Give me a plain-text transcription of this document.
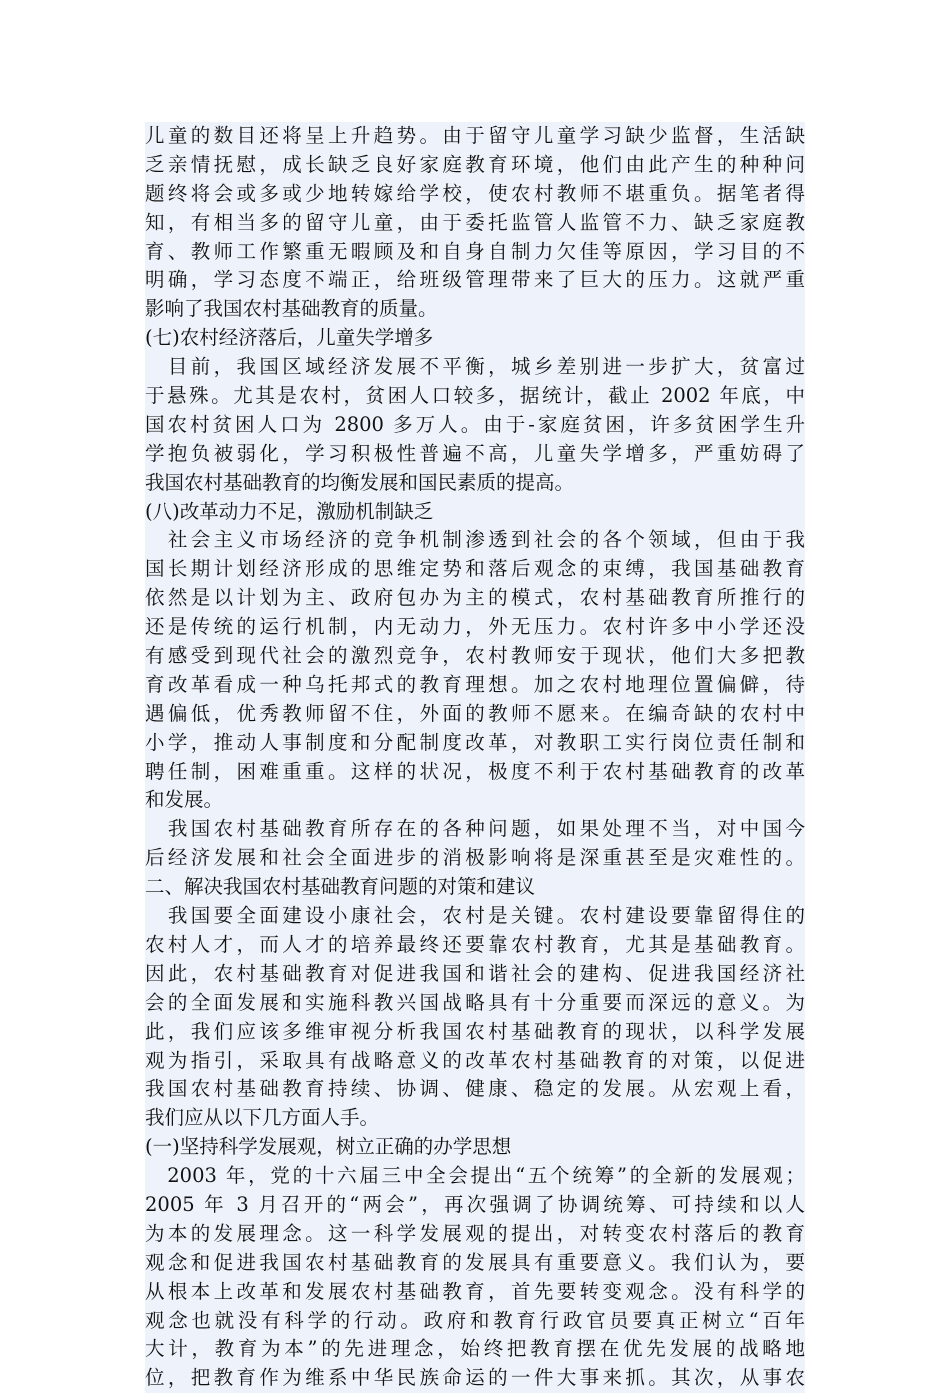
儿童的数目还将呈上升趋势。由于留守儿童学习缺少监督，生活缺
乏亲情抚慰，成长缺乏良好家庭教育环境，他们由此产生的种种问
题终将会或多或少地转嫁给学校，使农村教师不堪重负。据笔者得
知，有相当多的留守儿童，由于委托监管人监管不力、缺乏家庭教
育、教师工作繁重无暇顾及和自身自制力欠佳等原因，学习目的不
明确，学习态度不端正，给班级管理带来了巨大的压力。这就严重
影响了我国农村基础教育的质量。
(七)农村经济落后，儿童失学增多
　目前，我国区域经济发展不平衡，城乡差别进一步扩大，贫富过
于悬殊。尤其是农村，贫困人口较多，据统计，截止 2002 年底，中
国农村贫困人口为 2800 多万人。由于-家庭贫困，许多贫困学生升
学抱负被弱化，学习积极性普遍不高，儿童失学增多，严重妨碍了
我国农村基础教育的均衡发展和国民素质的提高。
(八)改革动力不足，激励机制缺乏
　社会主义市场经济的竞争机制渗透到社会的各个领域，但由于我
国长期计划经济形成的思维定势和落后观念的束缚，我国基础教育
依然是以计划为主、政府包办为主的模式，农村基础教育所推行的
还是传统的运行机制，内无动力，外无压力。农村许多中小学还没
有感受到现代社会的激烈竞争，农村教师安于现状，他们大多把教
育改革看成一种乌托邦式的教育理想。加之农村地理位置偏僻，待
遇偏低，优秀教师留不住，外面的教师不愿来。在编奇缺的农村中
小学，推动人事制度和分配制度改革，对教职工实行岗位责任制和
聘任制，困难重重。这样的状况，极度不利于农村基础教育的改革
和发展。
　我国农村基础教育所存在的各种问题，如果处理不当，对中国今
后经济发展和社会全面进步的消极影响将是深重甚至是灾难性的。
二、解决我国农村基础教育问题的对策和建议
　我国要全面建设小康社会，农村是关键。农村建设要靠留得住的
农村人才，而人才的培养最终还要靠农村教育，尤其是基础教育。
因此，农村基础教育对促进我国和谐社会的建构、促进我国经济社
会的全面发展和实施科教兴国战略具有十分重要而深远的意义。为
此，我们应该多维审视分析我国农村基础教育的现状，以科学发展
观为指引，采取具有战略意义的改革农村基础教育的对策，以促进
我国农村基础教育持续、协调、健康、稳定的发展。从宏观上看，
我们应从以下几方面人手。
(一)坚持科学发展观，树立正确的办学思想
　2003 年，党的十六届三中全会提出“五个统筹”的全新的发展观；
2005 年 3 月召开的“两会”，再次强调了协调统筹、可持续和以人
为本的发展理念。这一科学发展观的提出，对转变农村落后的教育
观念和促进我国农村基础教育的发展具有重要意义。我们认为，要
从根本上改革和发展农村基础教育，首先要转变观念。没有科学的
观念也就没有科学的行动。政府和教育行政官员要真正树立“百年
大计，教育为本”的先进理念，始终把教育摆在优先发展的战略地
位，把教育作为维系中华民族命运的一件大事来抓。其次，从事农
